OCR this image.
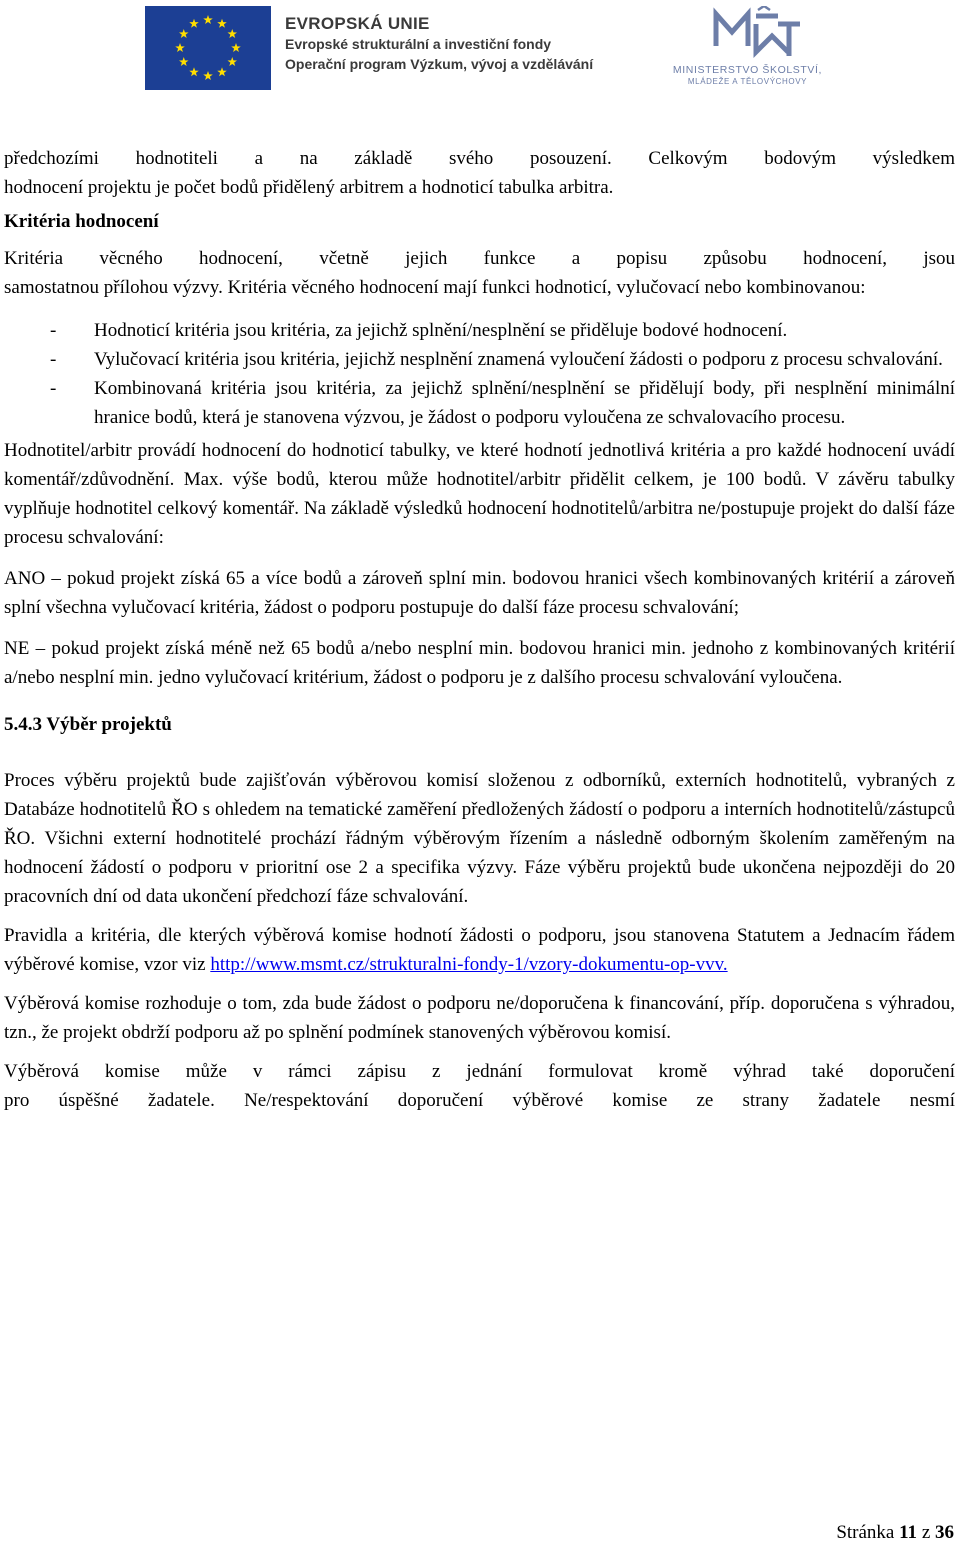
EVROPSKÁ UNIE
Evropské strukturální a investiční fondy
Operační program Výzkum, vývoj a vzdělávání	MINISTERSTVO ŠKOLSTVÍ,
MLÁDEŽE A TĚLOVÝCHOVY

předchozími hodnotiteli a na základě svého posouzení. Celkovým bodovým výsledkem

hodnocení projektu je počet bodů přidělený arbitrem a hodnoticí tabulka arbitra.

Kritéria hodnocení

Kritéria věcného hodnocení, včetně jejich funkce a popisu způsobu hodnocení, jsou

samostatnou přílohou výzvy. Kritéria věcného hodnocení mají funkci hodnoticí, vylučovací nebo kombinovanou:

- Hodnoticí kritéria jsou kritéria, za jejichž splnění/nesplnění se přiděluje bodové hodnocení.

- Vylučovací kritéria jsou kritéria, jejichž nesplnění znamená vyloučení žádosti o podporu z procesu schvalování.

- Kombinovaná kritéria jsou kritéria, za jejichž splnění/nesplnění se přidělují body, při nesplnění minimální hranice bodů, která je stanovena výzvou, je žádost o podporu vyloučena ze schvalovacího procesu.

Hodnotitel/arbitr provádí hodnocení do hodnoticí tabulky, ve které hodnotí jednotlivá kritéria a pro každé hodnocení uvádí komentář/zdůvodnění. Max. výše bodů, kterou může hodnotitel/arbitr přidělit celkem, je 100 bodů. V závěru tabulky vyplňuje hodnotitel celkový komentář. Na základě výsledků hodnocení hodnotitelů/arbitra ne/postupuje projekt do další fáze procesu schvalování:

ANO – pokud projekt získá 65 a více bodů a zároveň splní min. bodovou hranici všech kombinovaných kritérií a zároveň splní všechna vylučovací kritéria, žádost o podporu postupuje do další fáze procesu schvalování;

NE – pokud projekt získá méně než 65 bodů a/nebo nesplní min. bodovou hranici min. jednoho z kombinovaných kritérií a/nebo nesplní min. jedno vylučovací kritérium, žádost o podporu je z dalšího procesu schvalování vyloučena.

5.4.3 Výběr projektů

Proces výběru projektů bude zajišťován výběrovou komisí složenou z odborníků, externích hodnotitelů, vybraných z Databáze hodnotitelů ŘO s ohledem na tematické zaměření předložených žádostí o podporu a interních hodnotitelů/zástupců ŘO. Všichni externí hodnotitelé prochází řádným výběrovým řízením a následně odborným školením zaměřeným na hodnocení žádostí o podporu v prioritní ose 2 a specifika výzvy. Fáze výběru projektů bude ukončena nejpozději do 20 pracovních dní od data ukončení předchozí fáze schvalování.

Pravidla a kritéria, dle kterých výběrová komise hodnotí žádosti o podporu, jsou stanovena Statutem a Jednacím řádem výběrové komise, vzor viz http://www.msmt.cz/strukturalni-fondy-1/vzory-dokumentu-op-vvv.

Výběrová komise rozhoduje o tom, zda bude žádost o podporu ne/doporučena k financování, příp. doporučena s výhradou, tzn., že projekt obdrží podporu až po splnění podmínek stanovených výběrovou komisí.

Výběrová komise může v rámci zápisu z jednání formulovat kromě výhrad také doporučení

pro úspěšné žadatele. Ne/respektování doporučení výběrové komise ze strany žadatele nesmí

Stránka 11 z 36
